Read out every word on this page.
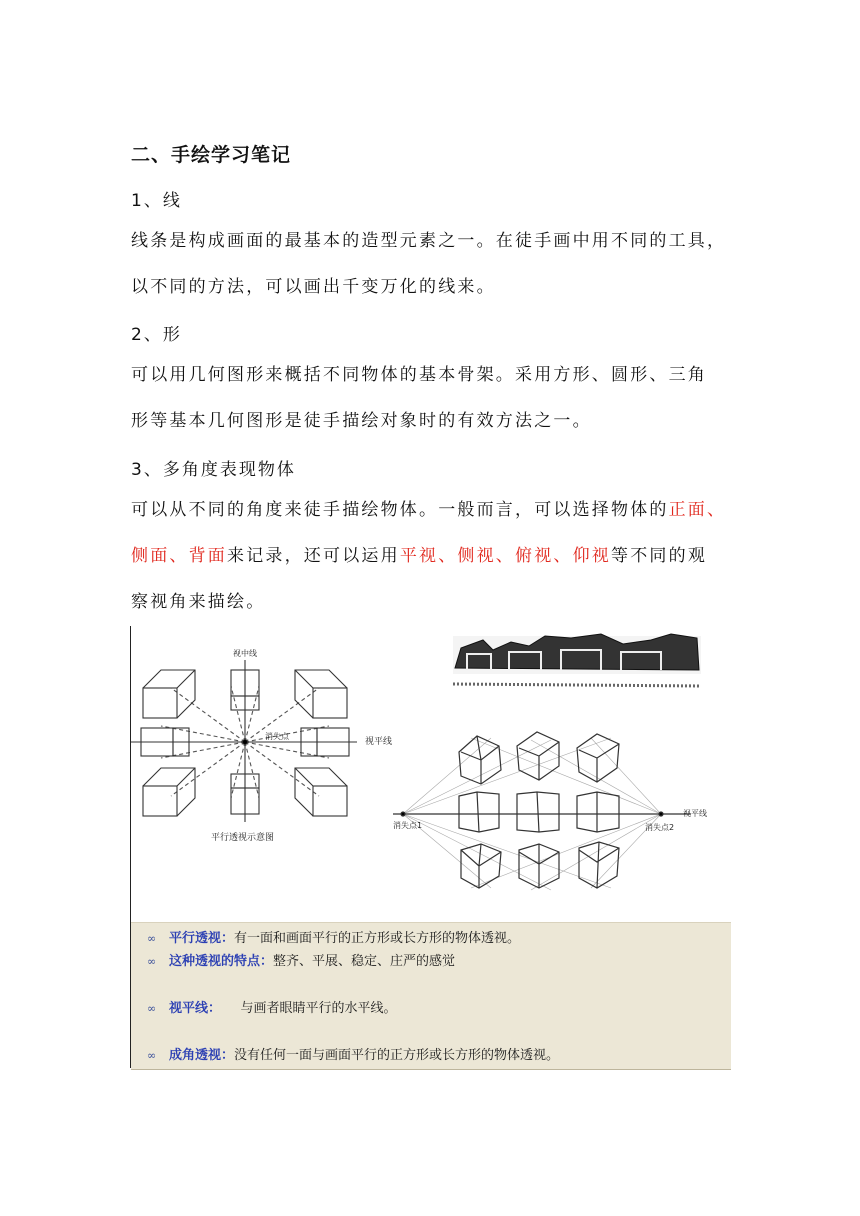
二、手绘学习笔记
1、线
线条是构成画面的最基本的造型元素之一。在徒手画中用不同的工具，
以不同的方法，可以画出千变万化的线来。
2、形
可以用几何图形来概括不同物体的基本骨架。采用方形、圆形、三角
形等基本几何图形是徒手描绘对象时的有效方法之一。
3、多角度表现物体
可以从不同的角度来徒手描绘物体。一般而言，可以选择物体的正面、
侧面、背面来记录，还可以运用平视、侧视、俯视、仰视等不同的观
察视角来描绘。
视中线
消失点
视平线
平行透视示意图
视平线
消失点1	消失点2
∞ 平行透视：有一面和画面平行的正方形或长方形的物体透视。
∞ 这种透视的特点：整齐、平展、稳定、庄严的感觉
∞ 视平线：　　与画者眼睛平行的水平线。
∞ 成角透视：没有任何一面与画面平行的正方形或长方形的物体透视。
